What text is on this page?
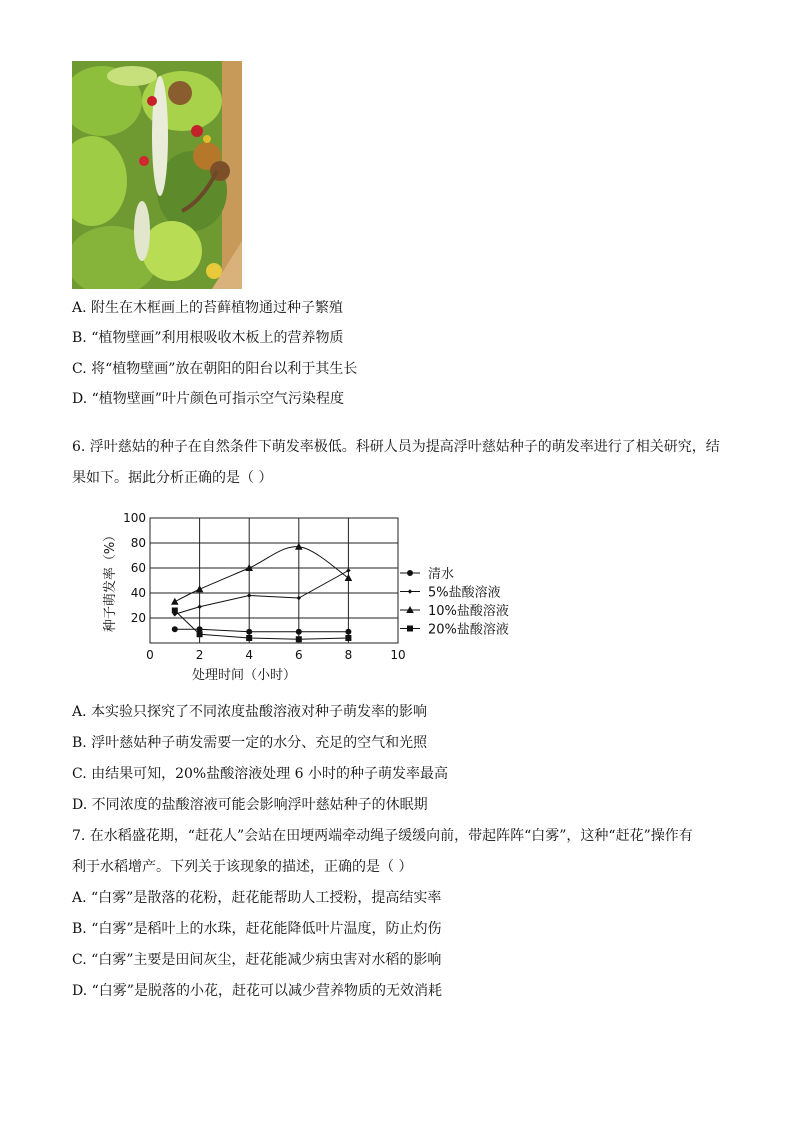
A. 附生在木框画上的苔藓植物通过种子繁殖
B. “植物壁画”利用根吸收木板上的营养物质
C. 将“植物壁画”放在朝阳的阳台以利于其生长
D. “植物壁画”叶片颜色可指示空气污染程度
6. 浮叶慈姑的种子在自然条件下萌发率极低。科研人员为提高浮叶慈姑种子的萌发率进行了相关研究，结果如下。据此分析正确的是（ ）
0	2	4	6	8	10
20
40
60
80
100
处理时间（小时）
种子萌发率（%）	清水
5%盐酸溶液
10%盐酸溶液
20%盐酸溶液
A. 本实验只探究了不同浓度盐酸溶液对种子萌发率的影响
B. 浮叶慈姑种子萌发需要一定的水分、充足的空气和光照
C. 由结果可知，20%盐酸溶液处理 6 小时的种子萌发率最高
D. 不同浓度的盐酸溶液可能会影响浮叶慈姑种子的休眠期
7. 在水稻盛花期，“赶花人”会站在田埂两端牵动绳子缓缓向前，带起阵阵“白雾”，这种“赶花”操作有
利于水稻增产。下列关于该现象的描述，正确的是（ ）
A. “白雾”是散落的花粉，赶花能帮助人工授粉，提高结实率
B. “白雾”是稻叶上的水珠，赶花能降低叶片温度，防止灼伤
C. “白雾”主要是田间灰尘，赶花能减少病虫害对水稻的影响
D. “白雾”是脱落的小花，赶花可以减少营养物质的无效消耗
